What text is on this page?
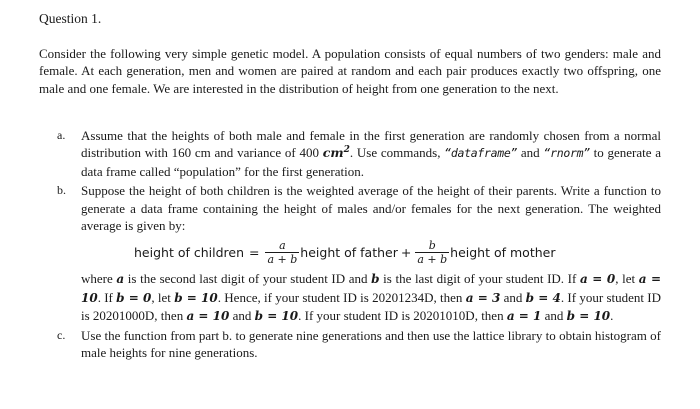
Question 1.
Consider the following very simple genetic model. A population consists of equal numbers of two genders: male and female. At each generation, men and women are paired at random and each pair produces exactly two offspring, one male and one female. We are interested in the distribution of height from one generation to the next.
a. Assume that the heights of both male and female in the first generation are randomly chosen from a normal distribution with 160 cm and variance of 400 $cm^2$. Use commands, “dataframe” and “rnorm” to generate a data frame called “population” for the first generation.
b. Suppose the height of both children is the weighted average of the height of their parents. Write a function to generate a data frame containing the height of males and/or females for the next generation. The weighted average is given by:
height of children = $\frac{a}{a + b}$ height of father + $\frac{b}{a + b}$ height of mother
where a is the second last digit of your student ID and b is the last digit of your student ID. If a = 0, let a = 10. If b = 0, let b = 10. Hence, if your student ID is 20201234D, then a = 3 and b = 4. If your student ID is 20201000D, then a = 10 and b = 10. If your student ID is 20201010D, then a = 1 and b = 10.
c. Use the function from part b. to generate nine generations and then use the lattice library to obtain histogram of male heights for nine generations.
